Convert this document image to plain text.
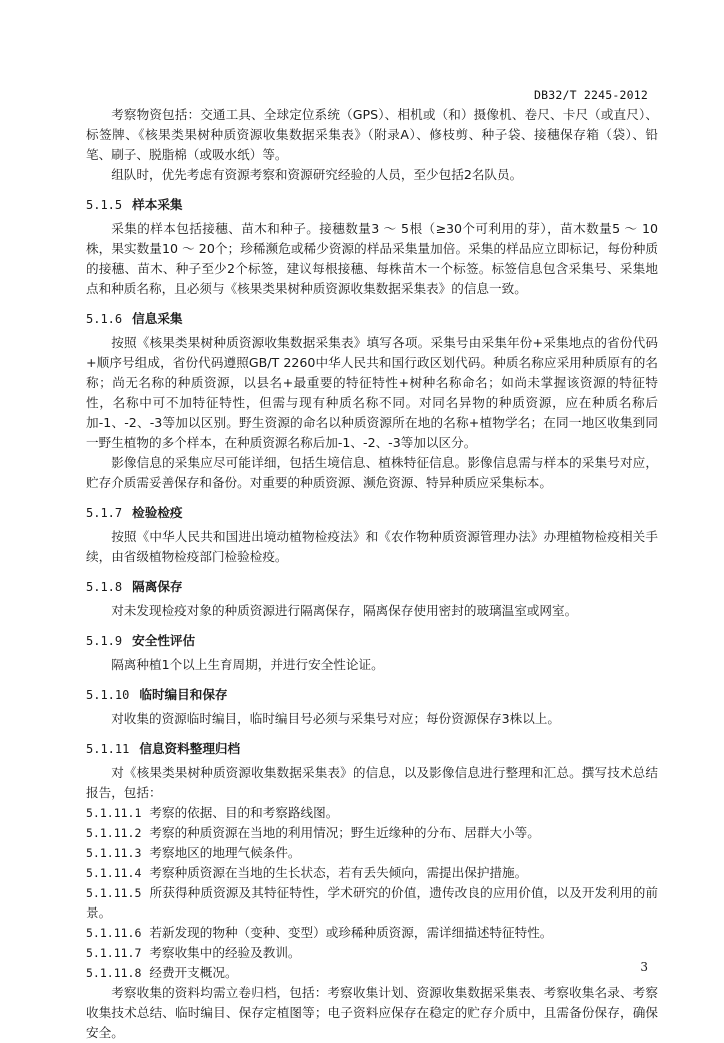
DB32/T 2245-2012

考察物资包括：交通工具、全球定位系统（GPS）、相机或（和）摄像机、卷尺、卡尺（或直尺）、标签牌、《核果类果树种质资源收集数据采集表》（附录A）、修枝剪、种子袋、接穗保存箱（袋）、铅笔、刷子、脱脂棉（或吸水纸）等。

组队时，优先考虑有资源考察和资源研究经验的人员，至少包括2名队员。

5.1.5 样本采集

采集的样本包括接穗、苗木和种子。接穗数量3 ～ 5根（≥30个可利用的芽），苗木数量5 ～ 10株，果实数量10 ～ 20个；珍稀濒危或稀少资源的样品采集量加倍。采集的样品应立即标记，每份种质的接穗、苗木、种子至少2个标签，建议每根接穗、每株苗木一个标签。标签信息包含采集号、采集地点和种质名称，且必须与《核果类果树种质资源收集数据采集表》的信息一致。

5.1.6 信息采集

按照《核果类果树种质资源收集数据采集表》填写各项。采集号由采集年份+采集地点的省份代码+顺序号组成，省份代码遵照GB/T 2260中华人民共和国行政区划代码。种质名称应采用种质原有的名称；尚无名称的种质资源，以县名+最重要的特征特性+树种名称命名；如尚未掌握该资源的特征特性，名称中可不加特征特性，但需与现有种质名称不同。对同名异物的种质资源，应在种质名称后加-1、-2、-3等加以区别。野生资源的命名以种质资源所在地的名称+植物学名；在同一地区收集到同一野生植物的多个样本，在种质资源名称后加-1、-2、-3等加以区分。

影像信息的采集应尽可能详细，包括生境信息、植株特征信息。影像信息需与样本的采集号对应，贮存介质需妥善保存和备份。对重要的种质资源、濒危资源、特异种质应采集标本。

5.1.7 检验检疫

按照《中华人民共和国进出境动植物检疫法》和《农作物种质资源管理办法》办理植物检疫相关手续，由省级植物检疫部门检验检疫。

5.1.8 隔离保存

对未发现检疫对象的种质资源进行隔离保存，隔离保存使用密封的玻璃温室或网室。

5.1.9 安全性评估

隔离种植1个以上生育周期，并进行安全性论证。

5.1.10 临时编目和保存

对收集的资源临时编目，临时编目号必须与采集号对应；每份资源保存3株以上。

5.1.11 信息资料整理归档

对《核果类果树种质资源收集数据采集表》的信息，以及影像信息进行整理和汇总。撰写技术总结报告，包括：

5.1.11.1 考察的依据、目的和考察路线图。

5.1.11.2 考察的种质资源在当地的利用情况；野生近缘种的分布、居群大小等。

5.1.11.3 考察地区的地理气候条件。

5.1.11.4 考察种质资源在当地的生长状态，若有丢失倾向，需提出保护措施。

5.1.11.5 所获得种质资源及其特征特性，学术研究的价值，遗传改良的应用价值，以及开发利用的前景。

5.1.11.6 若新发现的物种（变种、变型）或珍稀种质资源，需详细描述特征特性。

5.1.11.7 考察收集中的经验及教训。

5.1.11.8 经费开支概况。

考察收集的资料均需立卷归档，包括：考察收集计划、资源收集数据采集表、考察收集名录、考察收集技术总结、临时编目、保存定植图等；电子资料应保存在稳定的贮存介质中，且需备份保存，确保安全。

3
